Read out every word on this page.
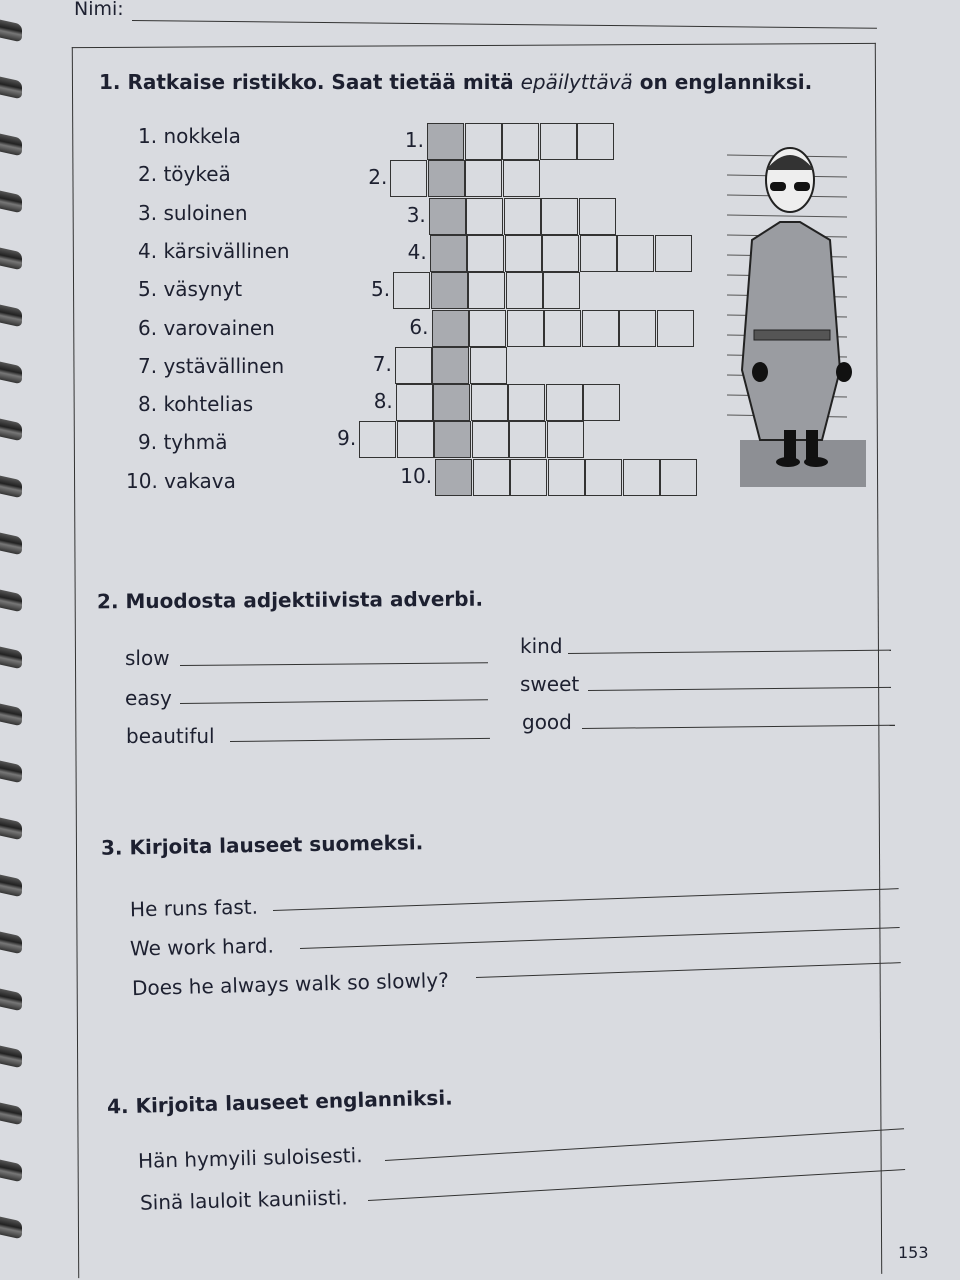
Nimi:
1. Ratkaise ristikko. Saat tietää mitä epäilyttävä on englanniksi.
1. nokkela
2. töykeä
3. suloinen
4. kärsivällinen
5. väsynyt
6. varovainen
7. ystävällinen
8. kohtelias
9. tyhmä
10. vakava
1.
2.
3.
4.
5.
6.
7.
8.
9.
10.
2. Muodosta adjektiivista adverbi.
slow
easy
beautiful
kind
sweet
good
3. Kirjoita lauseet suomeksi.
He runs fast.
We work hard.
Does he always walk so slowly?
4. Kirjoita lauseet englanniksi.
Hän hymyili suloisesti.
Sinä lauloit kauniisti.
153
